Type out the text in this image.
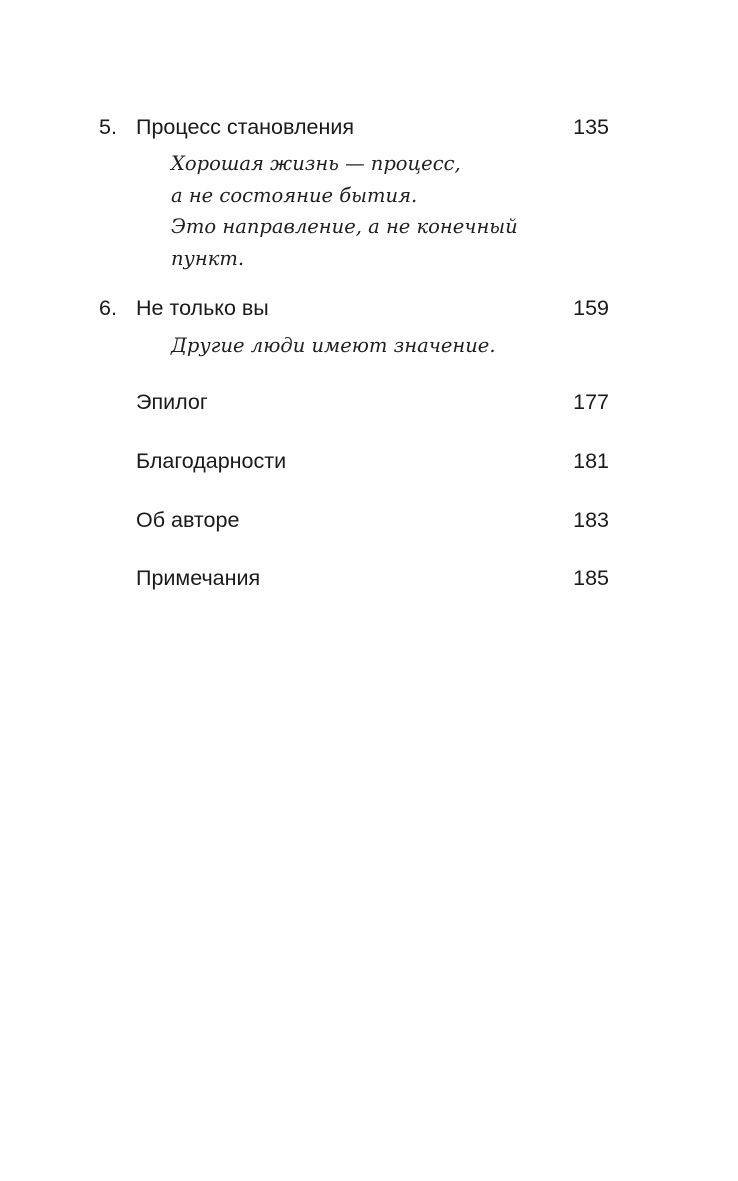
5. Процесс становления	135
Хорошая жизнь — процесс,
а не состояние бытия.
Это направление, а не конечный
пункт.
6. Не только вы	159
Другие люди имеют значение.
Эпилог	177
Благодарности	181
Об авторе	183
Примечания	185
